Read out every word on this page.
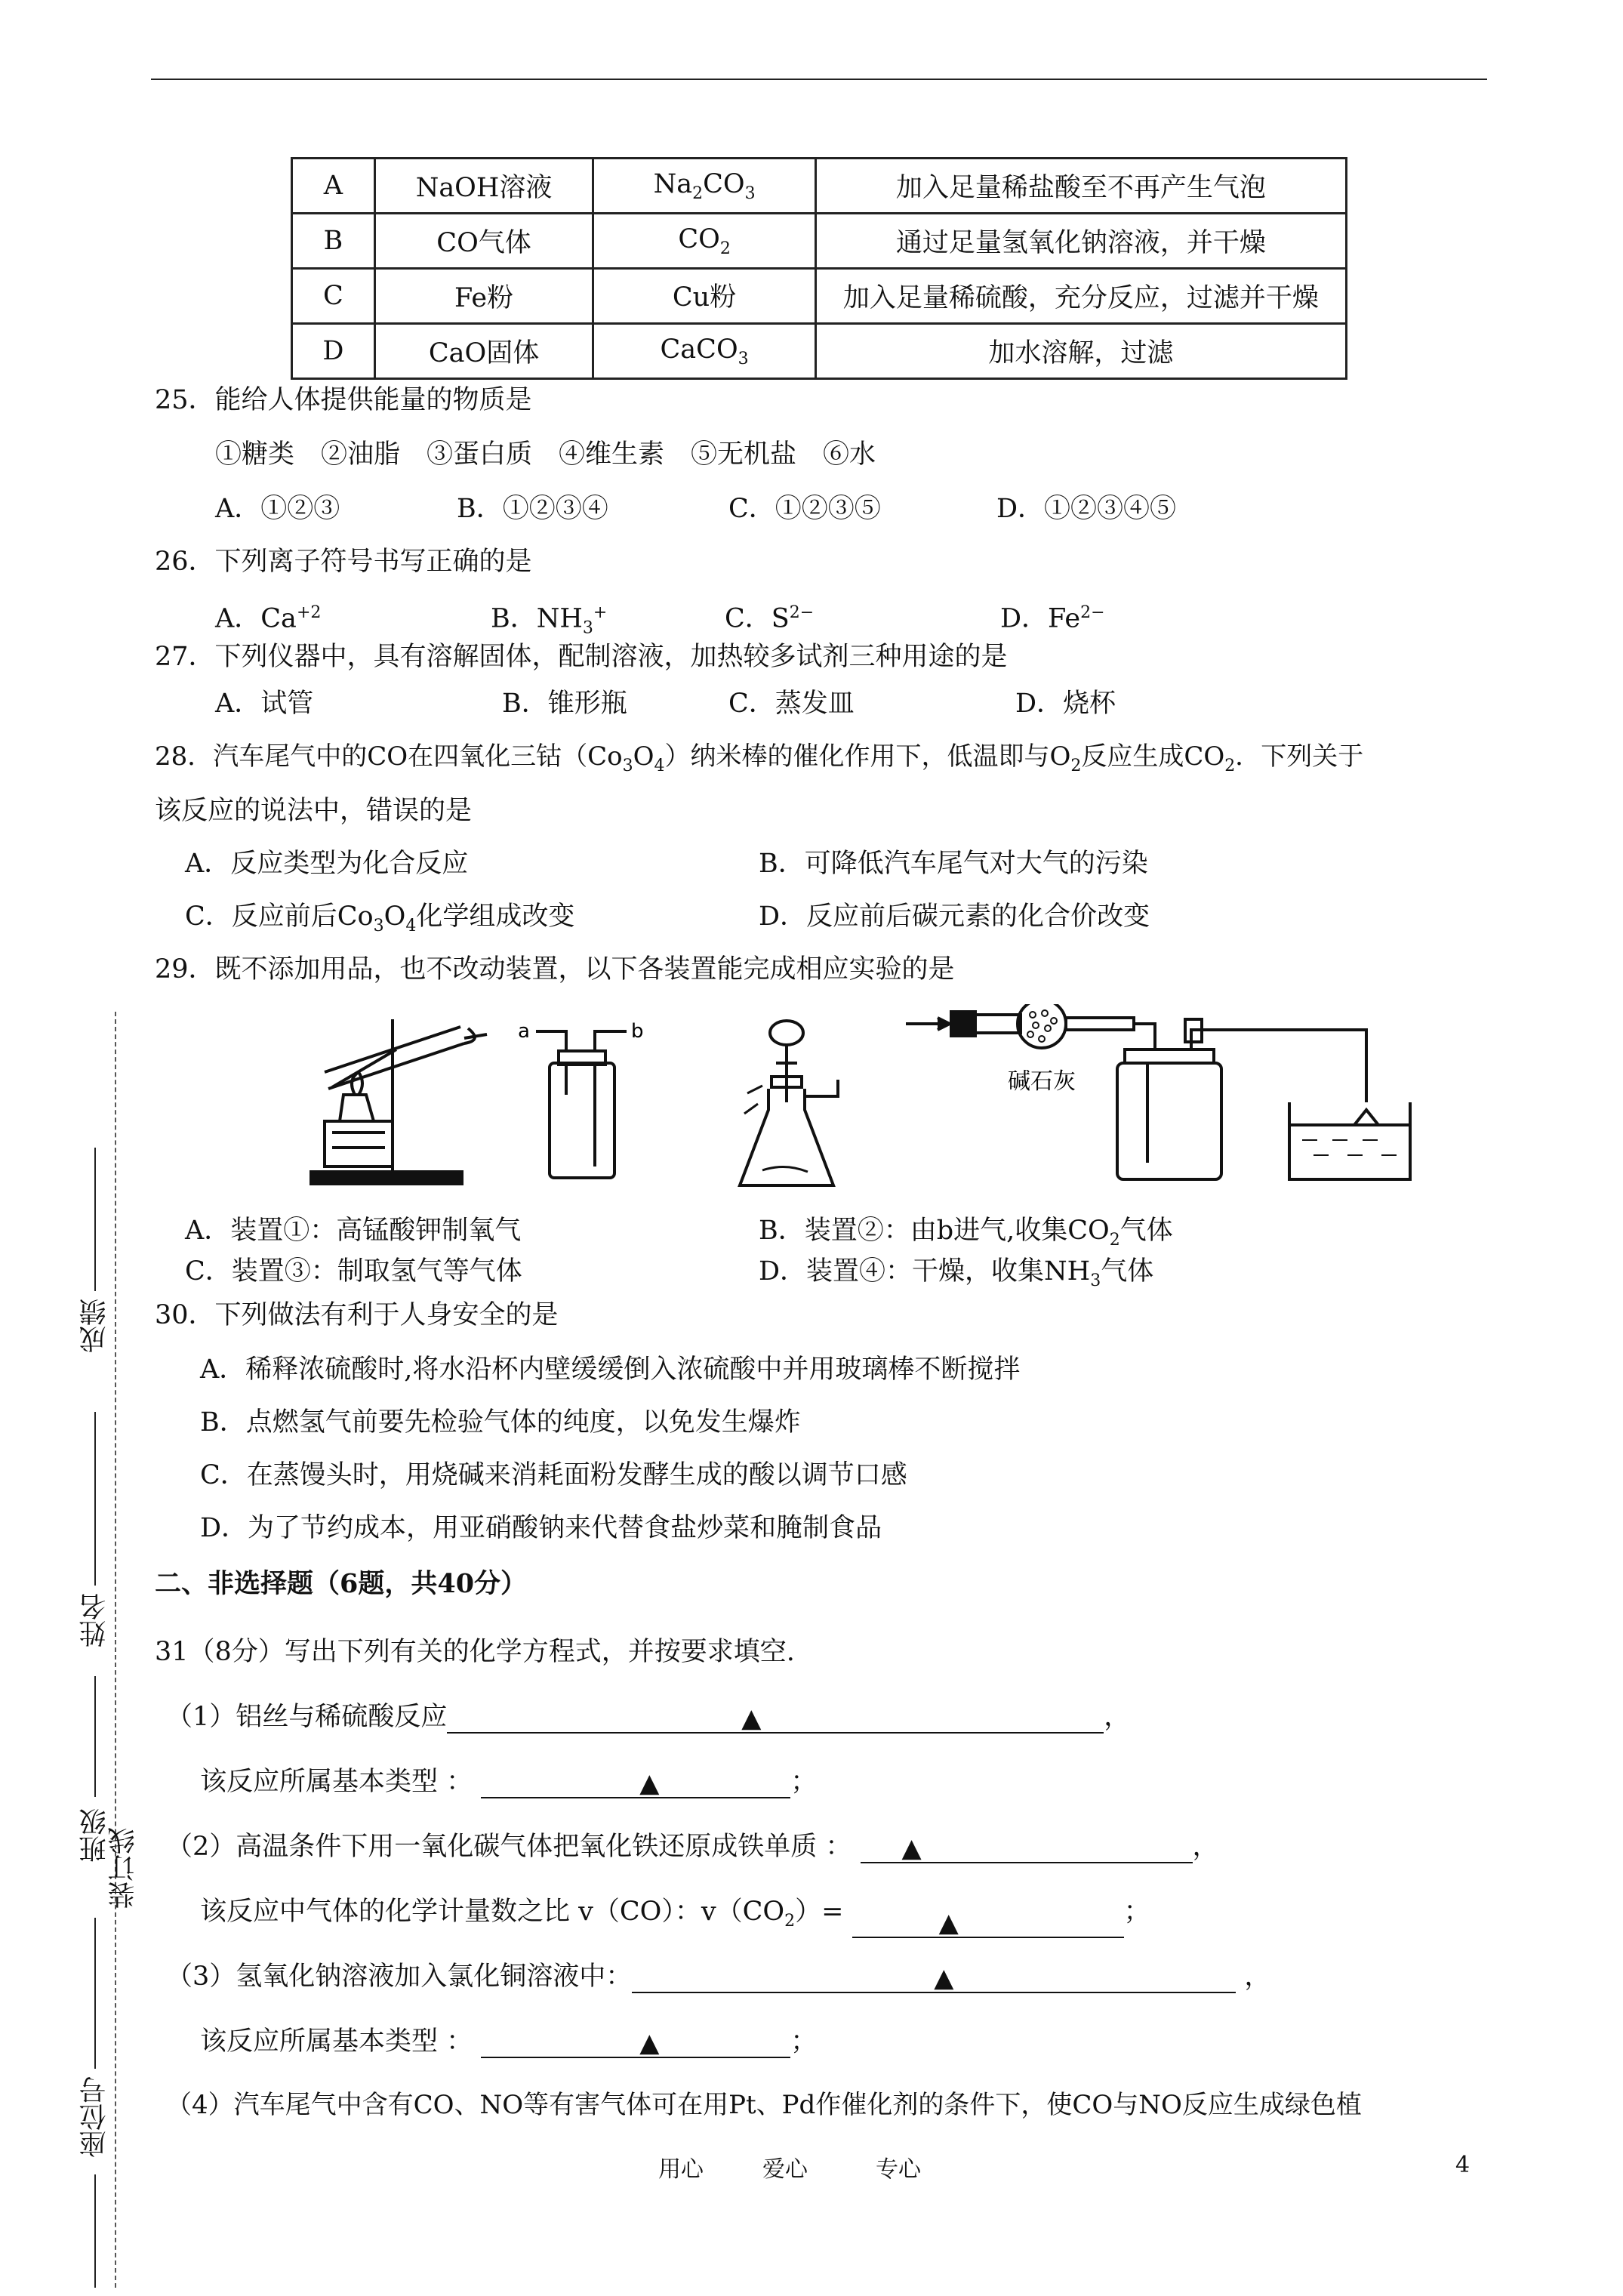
A	NaOH溶液	$Na_2CO_3$	加入足量稀盐酸至不再产生气泡
B	CO气体	$CO_2$	通过足量氢氧化钠溶液，并干燥
C	Fe粉	Cu粉	加入足量稀硫酸，充分反应，过滤并干燥
D	CaO固体	CaCO$_3$	加水溶解，过滤
25．能给人体提供能量的物质是
①糖类　②油脂　③蛋白质　④维生素　⑤无机盐　⑥水
A．①②③	B．①②③④	C．①②③⑤	D．①②③④⑤
26．下列离子符号书写正确的是
A．$Ca^{+2}$	B．$NH_3^+$	C．$S^{2-}$	D．$Fe^{2-}$
27．下列仪器中，具有溶解固体，配制溶液，加热较多试剂三种用途的是
A．试管	B．锥形瓶	C．蒸发皿	D．烧杯
28．汽车尾气中的CO在四氧化三钴$(Co_3O_4)$纳米棒的催化作用下，低温即与$O_2$反应生成$CO_2$．下列关于
该反应的说法中，错误的是
A．反应类型为化合反应	B．可降低汽车尾气对大气的污染
C．反应前后$Co_3O_4$化学组成改变	D．反应前后碳元素的化合价改变
29．既不添加用品，也不改动装置，以下各装置能完成相应实验的是
a	b
碱石灰
A．装置①：高锰酸钾制氧气	B．装置②：由b进气,收集$CO_2$气体
C．装置③：制取氢气等气体	D．装置④：干燥，收集$NH_3$气体
30．下列做法有利于人身安全的是
A．稀释浓硫酸时,将水沿杯内壁缓缓倒入浓硫酸中并用玻璃棒不断搅拌
B．点燃氢气前要先检验气体的纯度，以免发生爆炸
C．在蒸馒头时，用烧碱来消耗面粉发酵生成的酸以调节口感
D．为了节约成本，用亚硝酸钠来代替食盐炒菜和腌制食品
二、非选择题（6题，共40分）
31（8分）写出下列有关的化学方程式，并按要求填空.
（1）铝丝与稀硫酸反应	▲	，
该反应所属基本类型 ：	▲	；
（2）高温条件下用一氧化碳气体把氧化铁还原成铁单质 ： ▲	，
该反应中气体的化学计量数之比 v（CO）：$v(CO_2)=$	▲	；
（3）氢氧化钠溶液加入氯化铜溶液中：	▲	，
该反应所属基本类型 ：	▲	；
（4）汽车尾气中含有CO、NO等有害气体可在用Pt、Pd作催化剂的条件下，使CO与NO反应生成绿色植
成绩
姓名
班级
装订线
座位号
用心	爱心	专心	4
